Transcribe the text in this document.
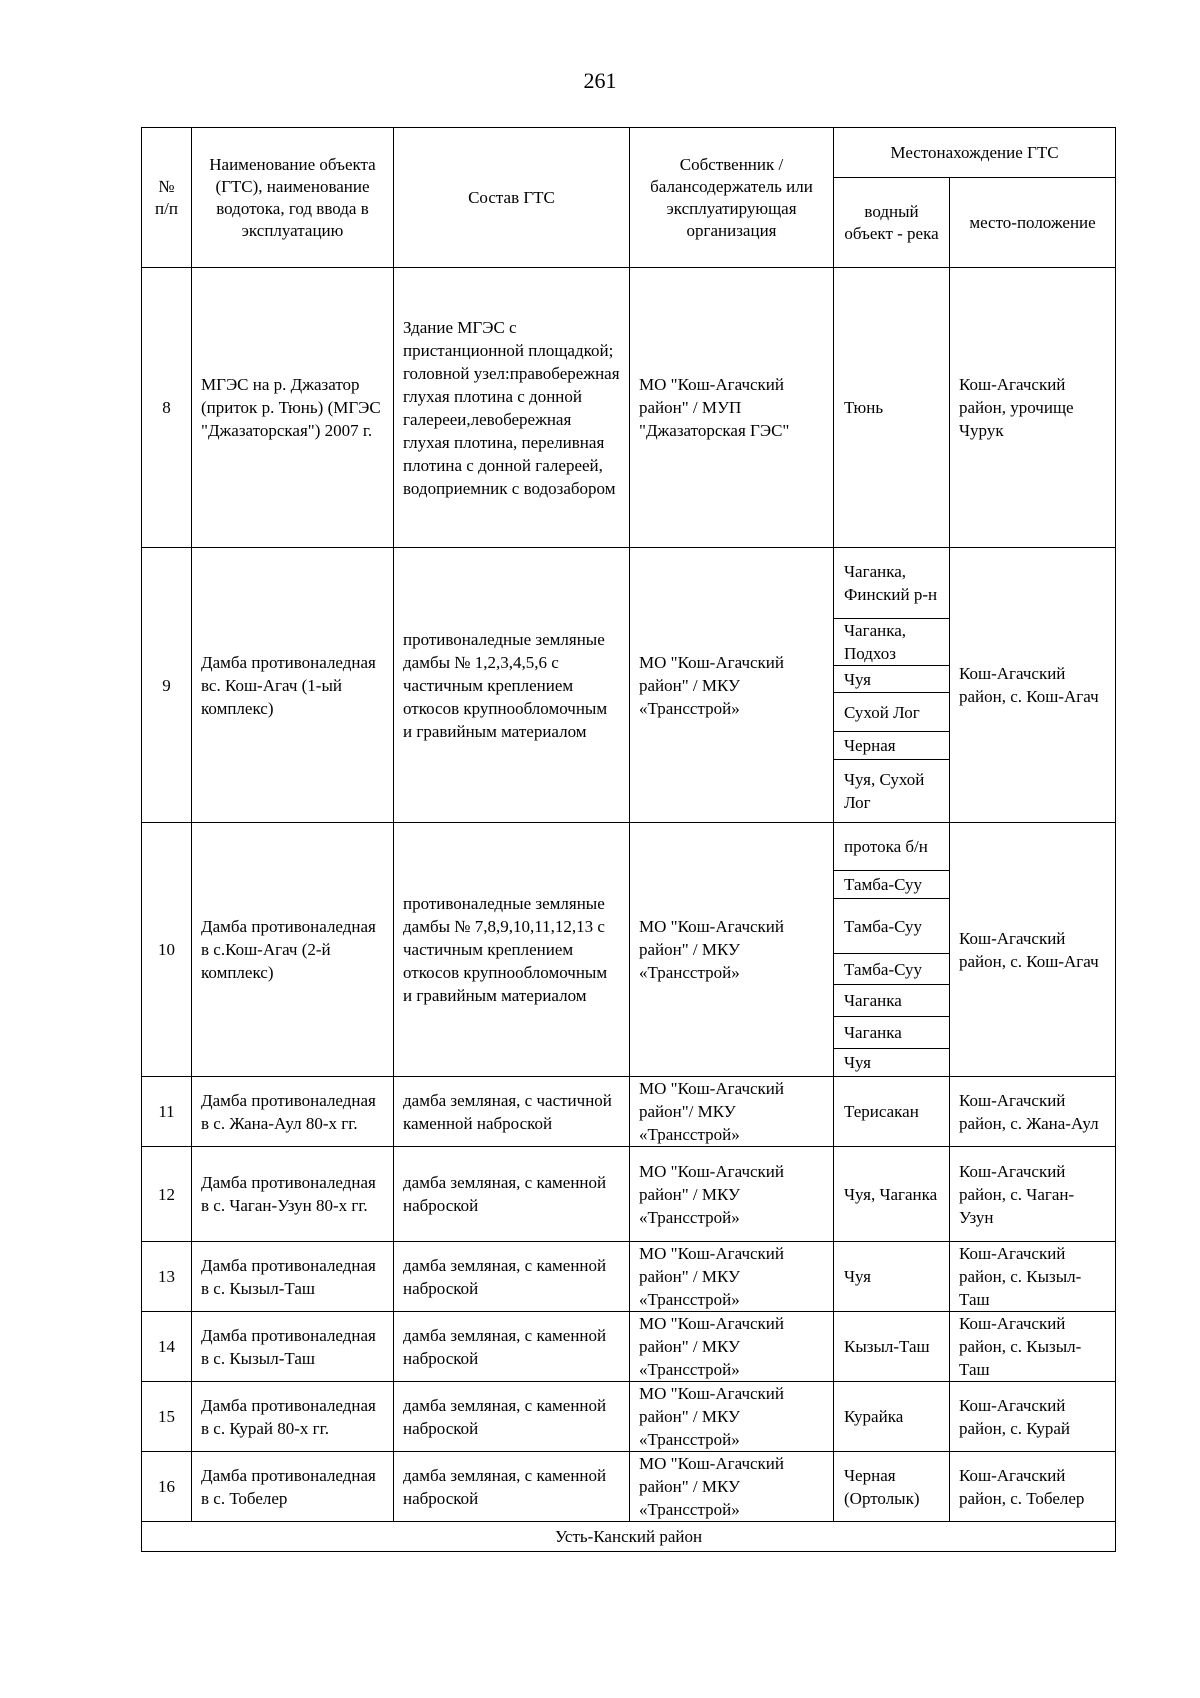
261
№ п/п	Наименование объекта (ГТС), наименование водотока, год ввода в эксплуатацию	Состав ГТС	Собственник / балансодержатель или эксплуатирующая организация	Местонахождение ГТС	
				водный объект - река	место-положение
8	МГЭС на р. Джазатор (приток р. Тюнь) (МГЭС "Джазаторская") 2007 г.	Здание МГЭС с пристанционной площадкой; головной узел:правобережная глухая плотина с донной галерееи,левобережная глухая плотина, переливная плотина с донной галереей, водоприемник с водозабором	МО "Кош-Агачский район" / МУП "Джазаторская ГЭС"	Тюнь	Кош-Агачский район, урочище Чурук
9	Дамба противоналедная вс. Кош-Агач (1-ый комплекс)	противоналедные земляные дамбы № 1,2,3,4,5,6 с частичным креплением откосов крупнообломочным и гравийным материалом	МО "Кош-Агачский район" / МКУ «Трансстрой»	Чаганка, Финский р-н	Кош-Агачский район, с. Кош-Агач
				Чаганка, Подхоз	
				Чуя	
				Сухой Лог	
				Черная	
				Чуя, Сухой Лог	
10	Дамба противоналедная в с.Кош-Агач (2-й комплекс)	противоналедные земляные дамбы № 7,8,9,10,11,12,13 с частичным креплением откосов крупнообломочным и гравийным материалом	МО "Кош-Агачский район" / МКУ «Трансстрой»	протока б/н	Кош-Агачский район, с. Кош-Агач
				Тамба-Суу	
				Тамба-Суу	
				Тамба-Суу	
				Чаганка	
				Чаганка	
				Чуя	
11	Дамба противоналедная в с. Жана-Аул 80-х гг.	дамба земляная, с частичной каменной наброской	МО "Кош-Агачский район"/ МКУ «Трансстрой»	Терисакан	Кош-Агачский район, с. Жана-Аул
12	Дамба противоналедная в с. Чаган-Узун 80-х гг.	дамба земляная, с каменной наброской	МО "Кош-Агачский район" / МКУ «Трансстрой»	Чуя, Чаганка	Кош-Агачский район, с. Чаган-Узун
13	Дамба противоналедная в с. Кызыл-Таш	дамба земляная, с каменной наброской	МО "Кош-Агачский район" / МКУ «Трансстрой»	Чуя	Кош-Агачский район, с. Кызыл-Таш
14	Дамба противоналедная в с. Кызыл-Таш	дамба земляная, с каменной наброской	МО "Кош-Агачский район" / МКУ «Трансстрой»	Кызыл-Таш	Кош-Агачский район, с. Кызыл-Таш
15	Дамба противоналедная в с. Курай 80-х гг.	дамба земляная, с каменной наброской	МО "Кош-Агачский район" / МКУ «Трансстрой»	Курайка	Кош-Агачский район, с. Курай
16	Дамба противоналедная в с. Тобелер	дамба земляная, с каменной наброской	МО "Кош-Агачский район" / МКУ «Трансстрой»	Черная (Ортолык)	Кош-Агачский район, с. Тобелер
Усть-Канский район					
